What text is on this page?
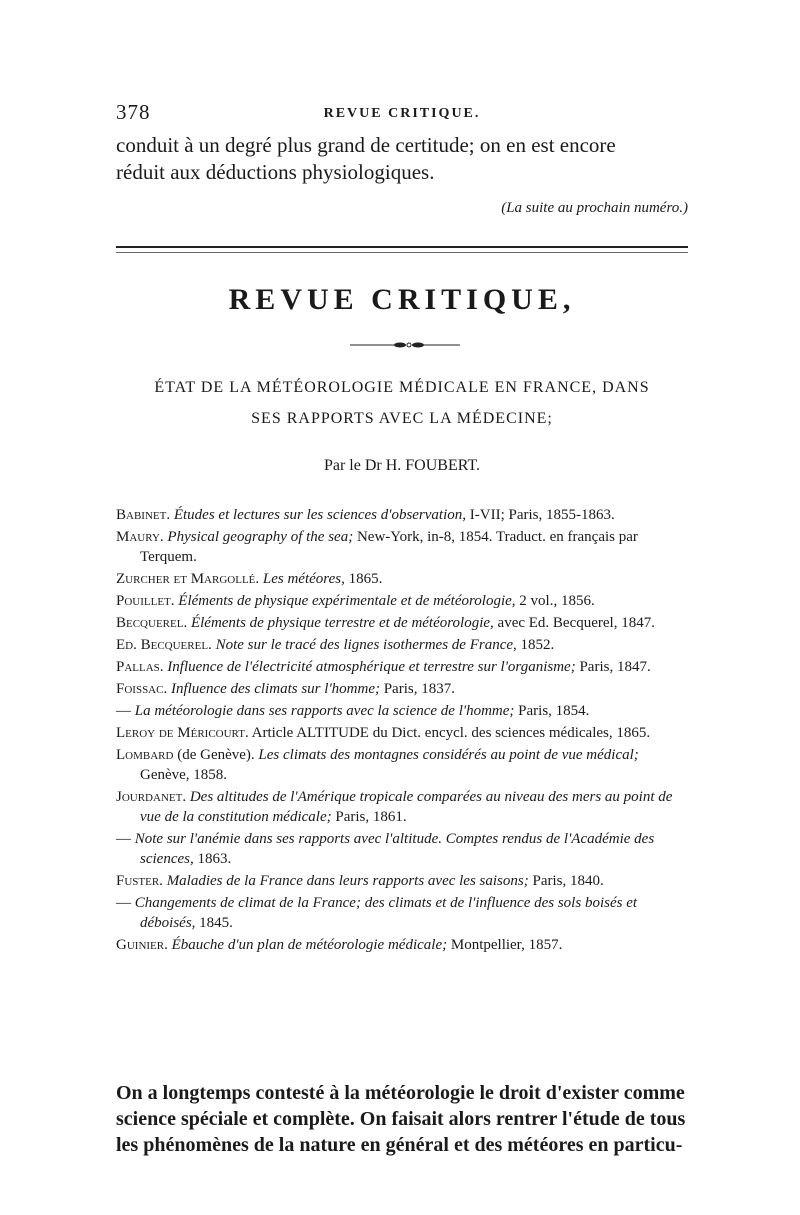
378	REVUE CRITIQUE.
conduit à un degré plus grand de certitude; on en est encore
réduit aux déductions physiologiques.
(La suite au prochain numéro.)
REVUE CRITIQUE,
ÉTAT DE LA MÉTÉOROLOGIE MÉDICALE EN FRANCE, DANS
SES RAPPORTS AVEC LA MÉDECINE;
Par le Dr H. FOUBERT.
Babinet. Études et lectures sur les sciences d'observation, I-VII; Paris, 1855-1863.
Maury. Physical geography of the sea; New-York, in-8, 1854. Traduct. en français par Terquem.
Zurcher et Margollé. Les météores, 1865.
Pouillet. Éléments de physique expérimentale et de météorologie, 2 vol., 1856.
Becquerel. Éléments de physique terrestre et de météorologie, avec Ed. Becquerel, 1847.
Ed. Becquerel. Note sur le tracé des lignes isothermes de France, 1852.
Pallas. Influence de l'électricité atmosphérique et terrestre sur l'organisme; Paris, 1847.
Foissac. Influence des climats sur l'homme; Paris, 1837.
— La météorologie dans ses rapports avec la science de l'homme; Paris, 1854.
Leroy de Méricourt. Article ALTITUDE du Dict. encycl. des sciences médicales, 1865.
Lombard (de Genève). Les climats des montagnes considérés au point de vue médical; Genève, 1858.
Jourdanet. Des altitudes de l'Amérique tropicale comparées au niveau des mers au point de vue de la constitution médicale; Paris, 1861.
— Note sur l'anémie dans ses rapports avec l'altitude. Comptes rendus de l'Académie des sciences, 1863.
Fuster. Maladies de la France dans leurs rapports avec les saisons; Paris, 1840.
— Changements de climat de la France; des climats et de l'influence des sols boisés et déboisés, 1845.
Guinier. Ébauche d'un plan de météorologie médicale; Montpellier, 1857.
On a longtemps contesté à la météorologie le droit d'exister comme
science spéciale et complète. On faisait alors rentrer l'étude de tous
les phénomènes de la nature en général et des météores en particu-
